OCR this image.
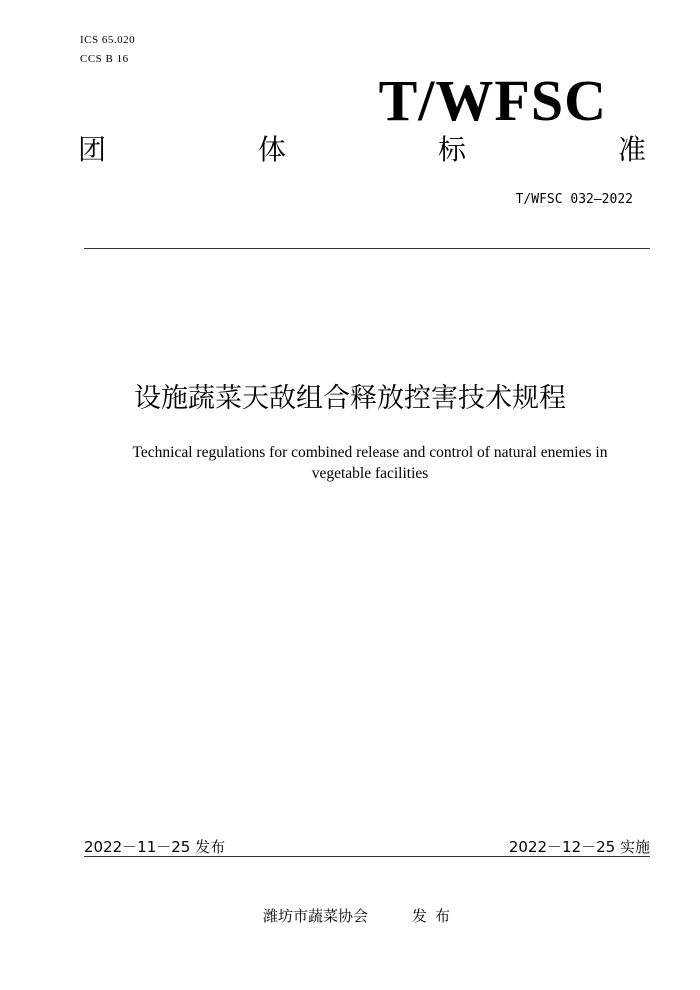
ICS 65.020
CCS B 16
T/WFSC
团	体	标	准
T/WFSC 032—2022
设施蔬菜天敌组合释放控害技术规程
Technical regulations for combined release and control of natural enemies in vegetable facilities
2022－11－25 发布	2022－12－25 实施
潍坊市蔬菜协会	发布
